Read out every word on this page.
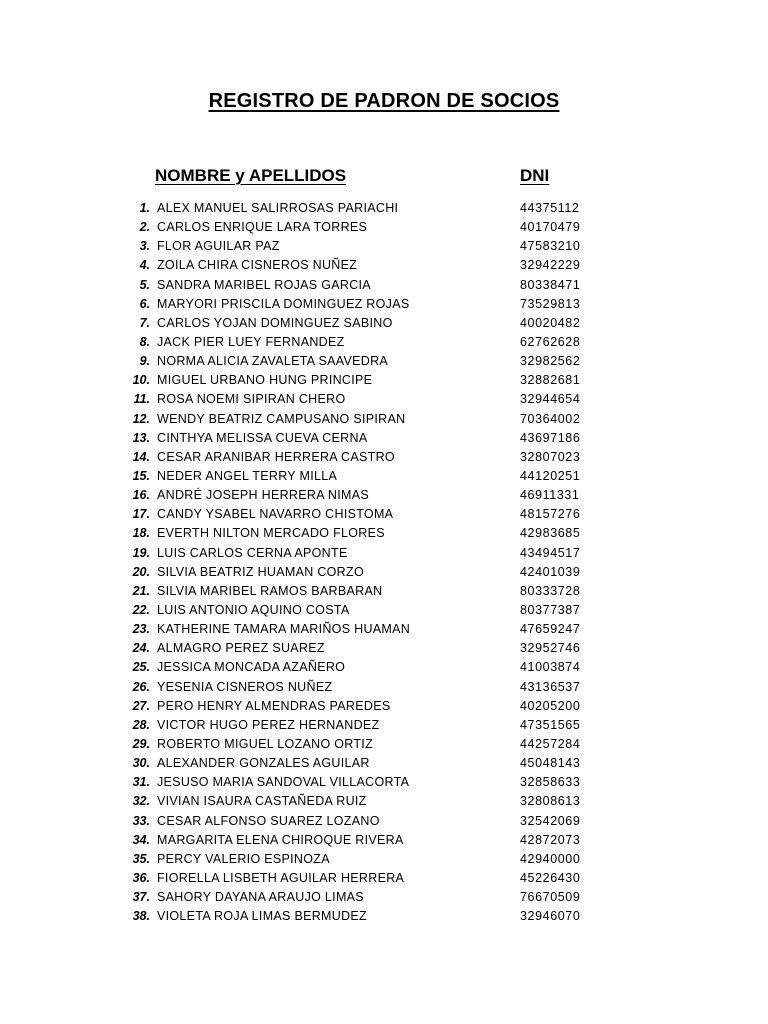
REGISTRO DE PADRON DE SOCIOS
NOMBRE y APELLIDOS	DNI
1. ALEX MANUEL SALIRROSAS PARIACHI	44375112
2. CARLOS ENRIQUE LARA TORRES	40170479
3. FLOR AGUILAR PAZ	47583210
4. ZOILA CHIRA CISNEROS NUÑEZ	32942229
5. SANDRA MARIBEL ROJAS GARCIA	80338471
6. MARYORI PRISCILA DOMINGUEZ ROJAS	73529813
7. CARLOS YOJAN DOMINGUEZ SABINO	40020482
8. JACK PIER LUEY FERNANDEZ	62762628
9. NORMA ALICIA ZAVALETA SAAVEDRA	32982562
10. MIGUEL URBANO HUNG PRINCIPE	32882681
11. ROSA NOEMI SIPIRAN CHERO	32944654
12. WENDY BEATRIZ CAMPUSANO SIPIRAN	70364002
13. CINTHYA MELISSA CUEVA CERNA	43697186
14. CESAR ARANIBAR HERRERA CASTRO	32807023
15. NEDER ANGEL TERRY MILLA	44120251
16. ANDRÉ JOSEPH HERRERA NIMAS	46911331
17. CANDY YSABEL NAVARRO CHISTOMA	48157276
18. EVERTH NILTON MERCADO FLORES	42983685
19. LUIS CARLOS CERNA APONTE	43494517
20. SILVIA BEATRIZ HUAMAN CORZO	42401039
21. SILVIA MARIBEL RAMOS BARBARAN	80333728
22. LUIS ANTONIO AQUINO COSTA	80377387
23. KATHERINE TAMARA MARIÑOS HUAMAN	47659247
24. ALMAGRO PEREZ SUAREZ	32952746
25. JESSICA MONCADA AZAÑERO	41003874
26. YESENIA CISNEROS NUÑEZ	43136537
27. PERO HENRY ALMENDRAS PAREDES	40205200
28. VICTOR HUGO PEREZ HERNANDEZ	47351565
29. ROBERTO MIGUEL LOZANO ORTIZ	44257284
30. ALEXANDER GONZALES AGUILAR	45048143
31. JESUSO MARIA SANDOVAL VILLACORTA	32858633
32. VIVIAN ISAURA CASTAÑEDA RUIZ	32808613
33. CESAR ALFONSO SUAREZ LOZANO	32542069
34. MARGARITA ELENA CHIROQUE RIVERA	42872073
35. PERCY VALERIO ESPINOZA	42940000
36. FIORELLA LISBETH AGUILAR HERRERA	45226430
37. SAHORY DAYANA ARAUJO LIMAS	76670509
38. VIOLETA ROJA LIMAS BERMUDEZ	32946070
